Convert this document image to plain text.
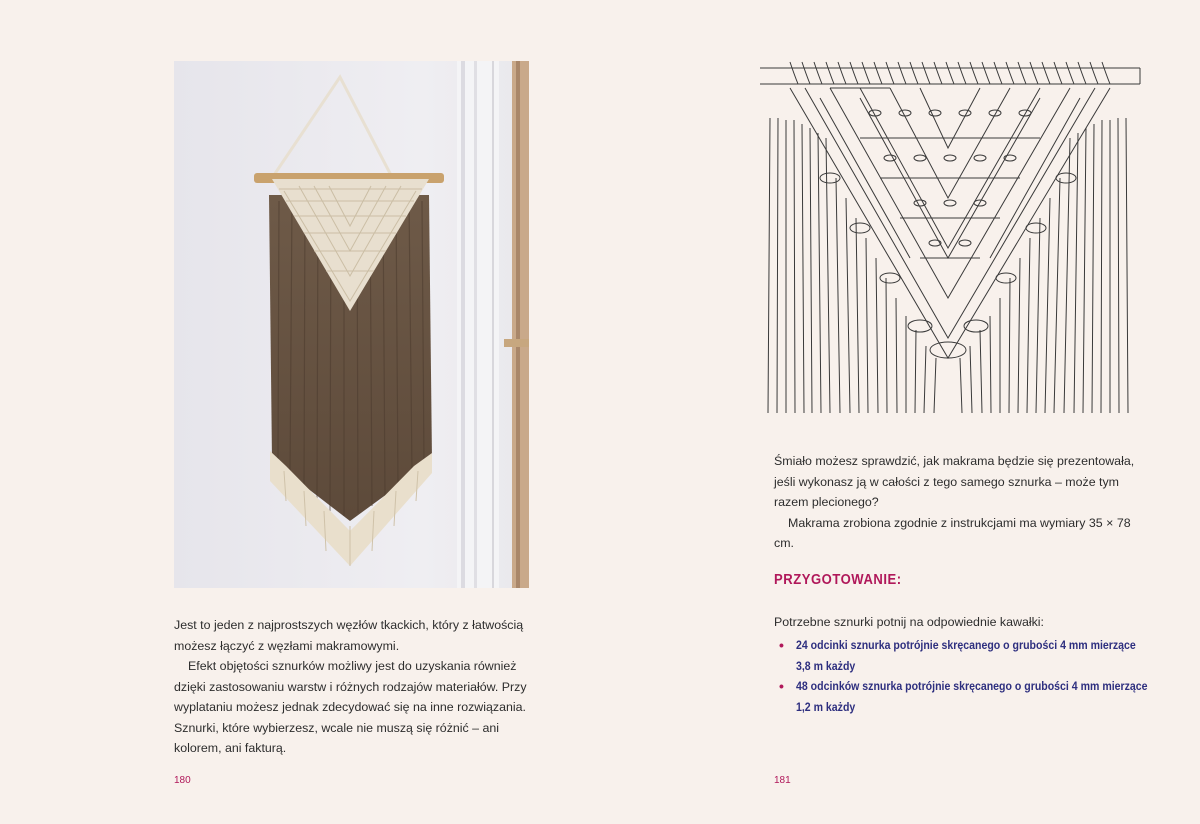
Jest to jeden z najprostszych węzłów tkackich, który z łatwością możesz łączyć z węzłami makramowymi.

Efekt objętości sznurków możliwy jest do uzyskania również dzięki zastosowaniu warstw i różnych rodzajów materiałów. Przy wyplataniu możesz jednak zdecydować się na inne rozwiązania. Sznurki, które wybierzesz, wcale nie muszą się różnić – ani kolorem, ani fakturą.

180

Śmiało możesz sprawdzić, jak makrama będzie się prezentowała, jeśli wykonasz ją w całości z tego samego sznurka – może tym razem plecionego?

Makrama zrobiona zgodnie z instrukcjami ma wymiary 35 × 78 cm.

PRZYGOTOWANIE:
Potrzebne sznurki potnij na odpowiednie kawałki:
• 24 odcinki sznurka potrójnie skręcanego o grubości 4 mm mierzące 3,8 m każdy
• 48 odcinków sznurka potrójnie skręcanego o grubości 4 mm mierzące 1,2 m każdy
181
